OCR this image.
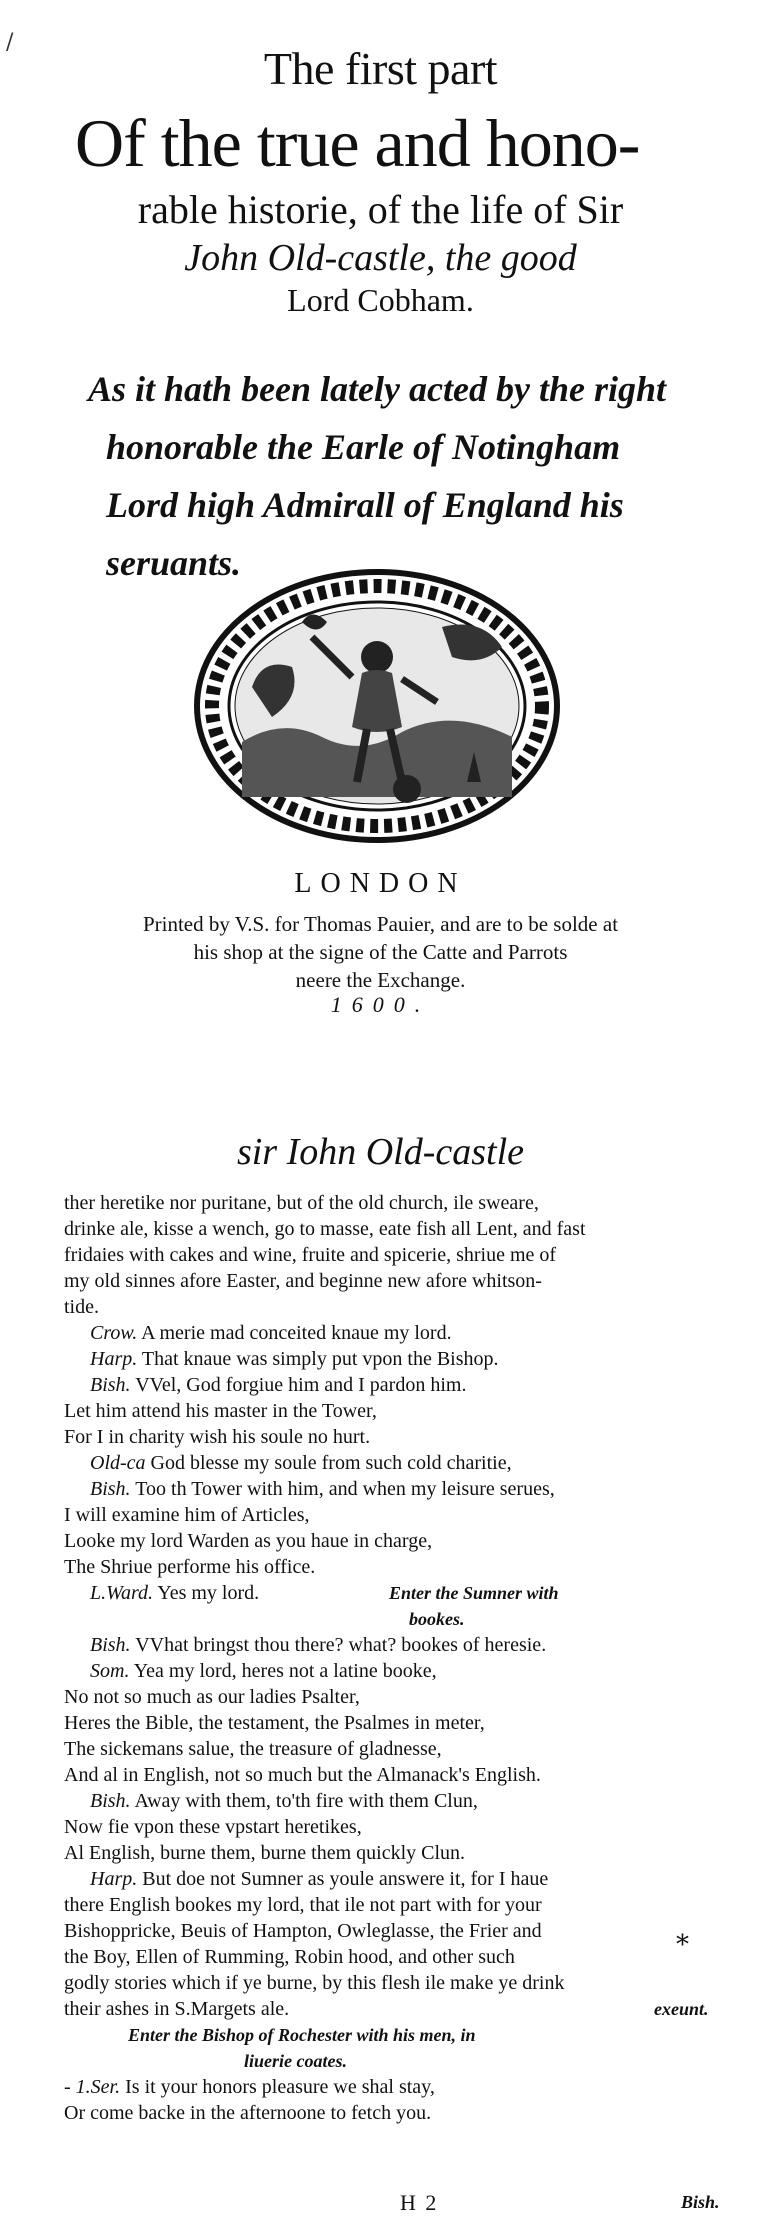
/
The first part
Of the true and hono-
rable historie, of the life of Sir
John Old-castle, the good
Lord Cobham.
As it hath been lately acted by the right
honorable the Earle of Notingham
Lord high Admirall of England his
seruants.
LONDON
Printed by V.S. for Thomas Pauier, and are to be solde at
his shop at the signe of the Catte and Parrots
neere the Exchange.
1600.
sir Iohn Old-castle
ther heretike nor puritane, but of the old church, ile sweare,
drinke ale, kisse a wench, go to masse, eate fish all Lent, and fast
fridaies with cakes and wine, fruite and spicerie, shriue me of
my old sinnes afore Easter, and beginne new afore whitson-
tide.
Crow. A merie mad conceited knaue my lord.
Harp. That knaue was simply put vpon the Bishop.
Bish. VVel, God forgiue him and I pardon him.
Let him attend his master in the Tower,
For I in charity wish his soule no hurt.
Old-ca God blesse my soule from such cold charitie,
Bish. Too th Tower with him, and when my leisure serues,
I will examine him of Articles,
Looke my lord Warden as you haue in charge,
The Shriue performe his office.
L.Ward. Yes my lord.	Enter the Sumner with
bookes.
Bish. VVhat bringst thou there? what? bookes of heresie.
Som. Yea my lord, heres not a latine booke,
No not so much as our ladies Psalter,
Heres the Bible, the testament, the Psalmes in meter,
The sickemans salue, the treasure of gladnesse,
And al in English, not so much but the Almanack's English.
Bish. Away with them, to'th fire with them Clun,
Now fie vpon these vpstart heretikes,
Al English, burne them, burne them quickly Clun.
Harp. But doe not Sumner as youle answere it, for I haue
there English bookes my lord, that ile not part with for your
Bishoppricke, Beuis of Hampton, Owleglasse, the Frier and
the Boy, Ellen of Rumming, Robin hood, and other such
godly stories which if ye burne, by this flesh ile make ye drink
their ashes in S.Margets ale.	exeunt.
Enter the Bishop of Rochester with his men, in
liuerie coates.
- 1.Ser. Is it your honors pleasure we shal stay,
Or come backe in the afternoone to fetch you.
*
H 2	Bish.
